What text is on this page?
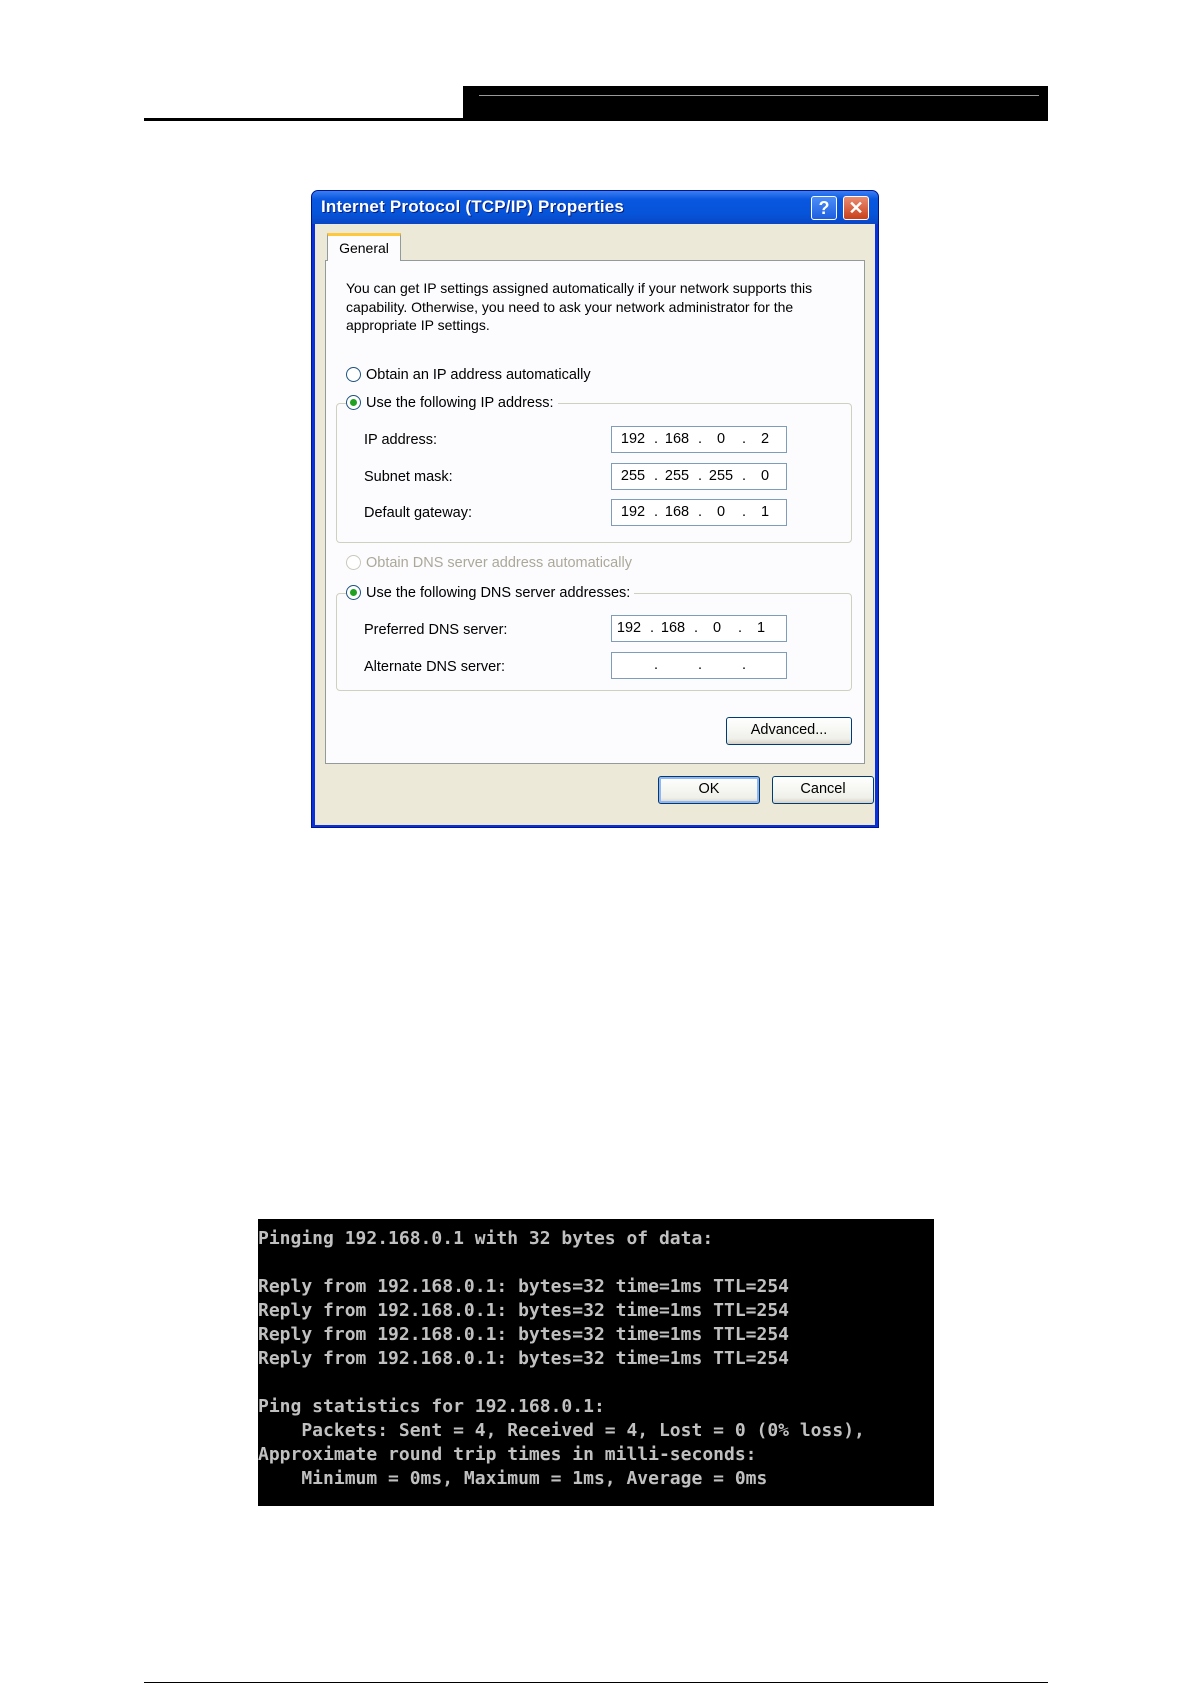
Internet Protocol (TCP/IP) Properties	?	✕
General
You can get IP settings assigned automatically if your network supports this capability. Otherwise, you need to ask your network administrator for the appropriate IP settings.
Obtain an IP address automatically
Use the following IP address:
IP address:	192 . 168 .	0	.	2
Subnet mask:	255 . 255 . 255 .	0
Default gateway:	192 . 168 .	0	.	1
Obtain DNS server address automatically
Use the following DNS server addresses:
Preferred DNS server:	192 . 168 .	0	.	1
Alternate DNS server:	.	.	.
Advanced...
OK	Cancel
Pinging 192.168.0.1 with 32 bytes of data:
Reply from 192.168.0.1: bytes=32 time=1ms TTL=254
Reply from 192.168.0.1: bytes=32 time=1ms TTL=254
Reply from 192.168.0.1: bytes=32 time=1ms TTL=254
Reply from 192.168.0.1: bytes=32 time=1ms TTL=254
Ping statistics for 192.168.0.1:
Packets: Sent = 4, Received = 4, Lost = 0 (0% loss),
Approximate round trip times in milli-seconds:
Minimum = 0ms, Maximum = 1ms, Average = 0ms
